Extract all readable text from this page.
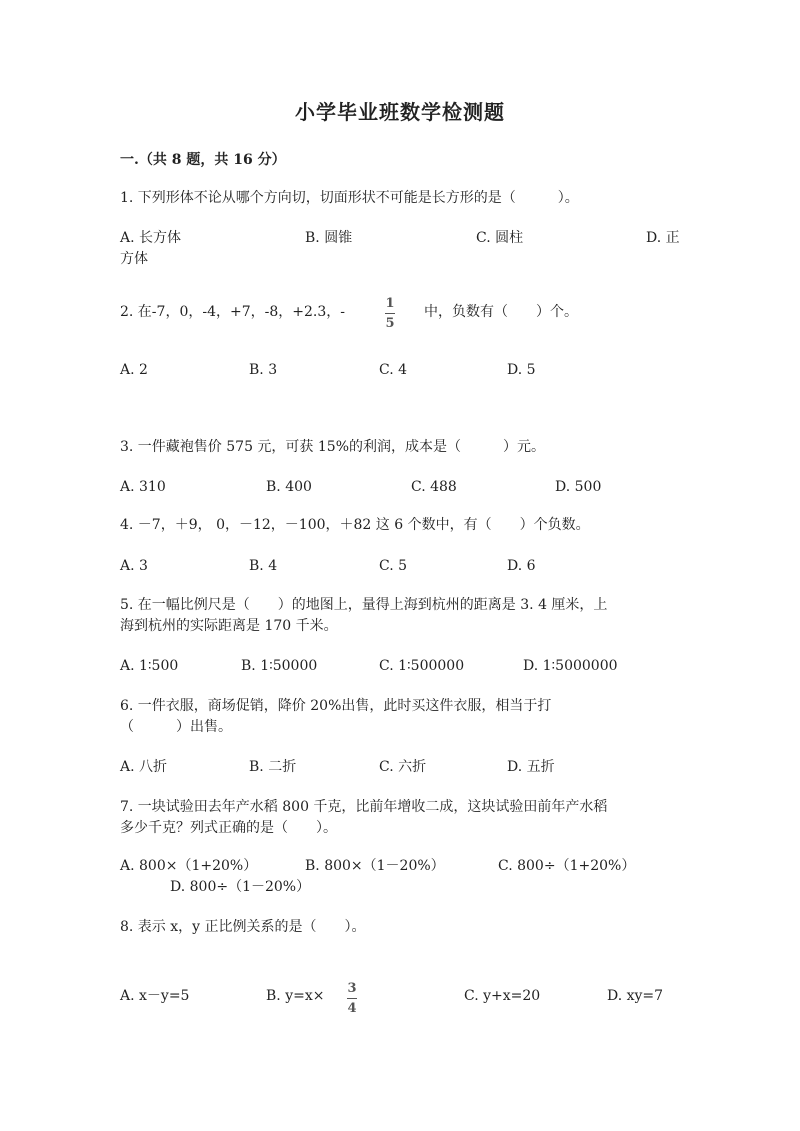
小学毕业班数学检测题
一.（共 8 题，共 16 分）
1. 下列形体不论从哪个方向切，切面形状不可能是长方形的是（　　　）。
A. 长方体	B. 圆锥	C. 圆柱	D. 正
方体
2. 在-7，0，-4，+7，-8，+2.3，-
1
5
中，负数有（　　）个。
A. 2	B. 3	C. 4	D. 5
3. 一件藏袍售价 575 元，可获 15%的利润，成本是（　　　）元。
A. 310	B. 400	C. 488	D. 500
4. －7，＋9， 0，－12，－100，＋82 这 6 个数中，有（　　）个负数。
A. 3	B. 4	C. 5	D. 6
5. 在一幅比例尺是（　　）的地图上，量得上海到杭州的距离是 3. 4 厘米，上
海到杭州的实际距离是 170 千米。
A. 1∶500	B. 1∶50000	C. 1∶500000	D. 1∶5000000
6. 一件衣服，商场促销，降价 20%出售，此时买这件衣服，相当于打
（　　　）出售。
A. 八折	B. 二折	C. 六折	D. 五折
7. 一块试验田去年产水稻 800 千克，比前年增收二成，这块试验田前年产水稻
多少千克？列式正确的是（　　）。
A. 800×（1+20%）	B. 800×（1－20%）	C. 800÷（1+20%）
D. 800÷（1－20%）
8. 表示 x，y 正比例关系的是（　　）。
A. x－y=5	B. y=x× 3
4
C. y+x=20	D. xy=7
